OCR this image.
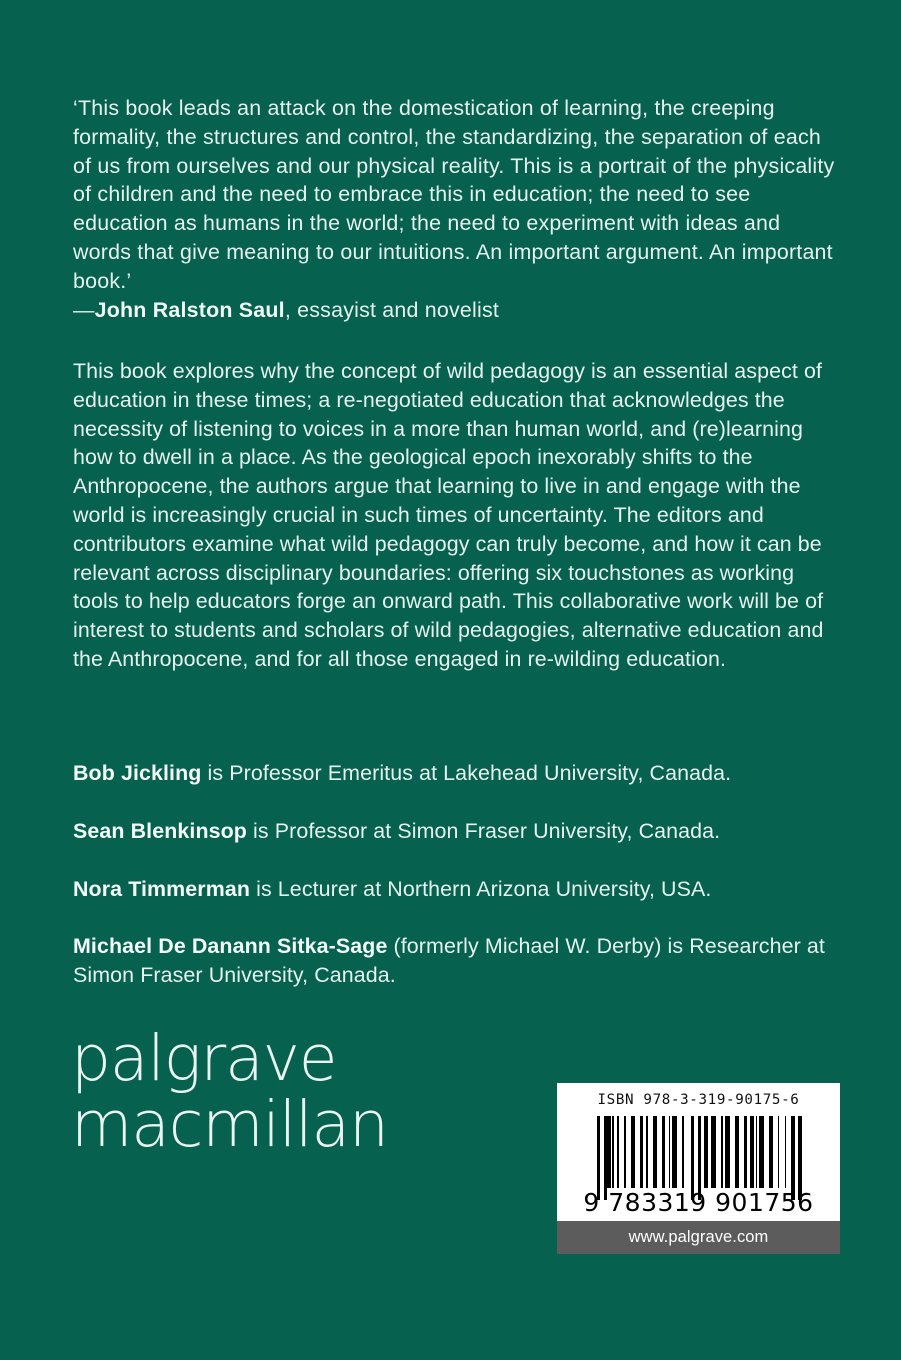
‘This book leads an attack on the domestication of learning, the creeping formality, the structures and control, the standardizing, the separation of each of us from ourselves and our physical reality. This is a portrait of the physicality of children and the need to embrace this in education; the need to see education as humans in the world; the need to experiment with ideas and words that give meaning to our intuitions. An important argument. An important book.’

—John Ralston Saul, essayist and novelist

This book explores why the concept of wild pedagogy is an essential aspect of education in these times; a re-negotiated education that acknowledges the necessity of listening to voices in a more than human world, and (re)learning how to dwell in a place. As the geological epoch inexorably shifts to the Anthropocene, the authors argue that learning to live in and engage with the world is increasingly crucial in such times of uncertainty. The editors and contributors examine what wild pedagogy can truly become, and how it can be relevant across disciplinary boundaries: offering six touchstones as working tools to help educators forge an onward path. This collaborative work will be of interest to students and scholars of wild pedagogies, alternative education and the Anthropocene, and for all those engaged in re-wilding education.

Bob Jickling is Professor Emeritus at Lakehead University, Canada.

Sean Blenkinsop is Professor at Simon Fraser University, Canada.

Nora Timmerman is Lecturer at Northern Arizona University, USA.

Michael De Danann Sitka-Sage (formerly Michael W. Derby) is Researcher at Simon Fraser University, Canada.

palgrave
macmillan	ISBN 978-3-319-90175-6
9 783319 901756
www.palgrave.com
